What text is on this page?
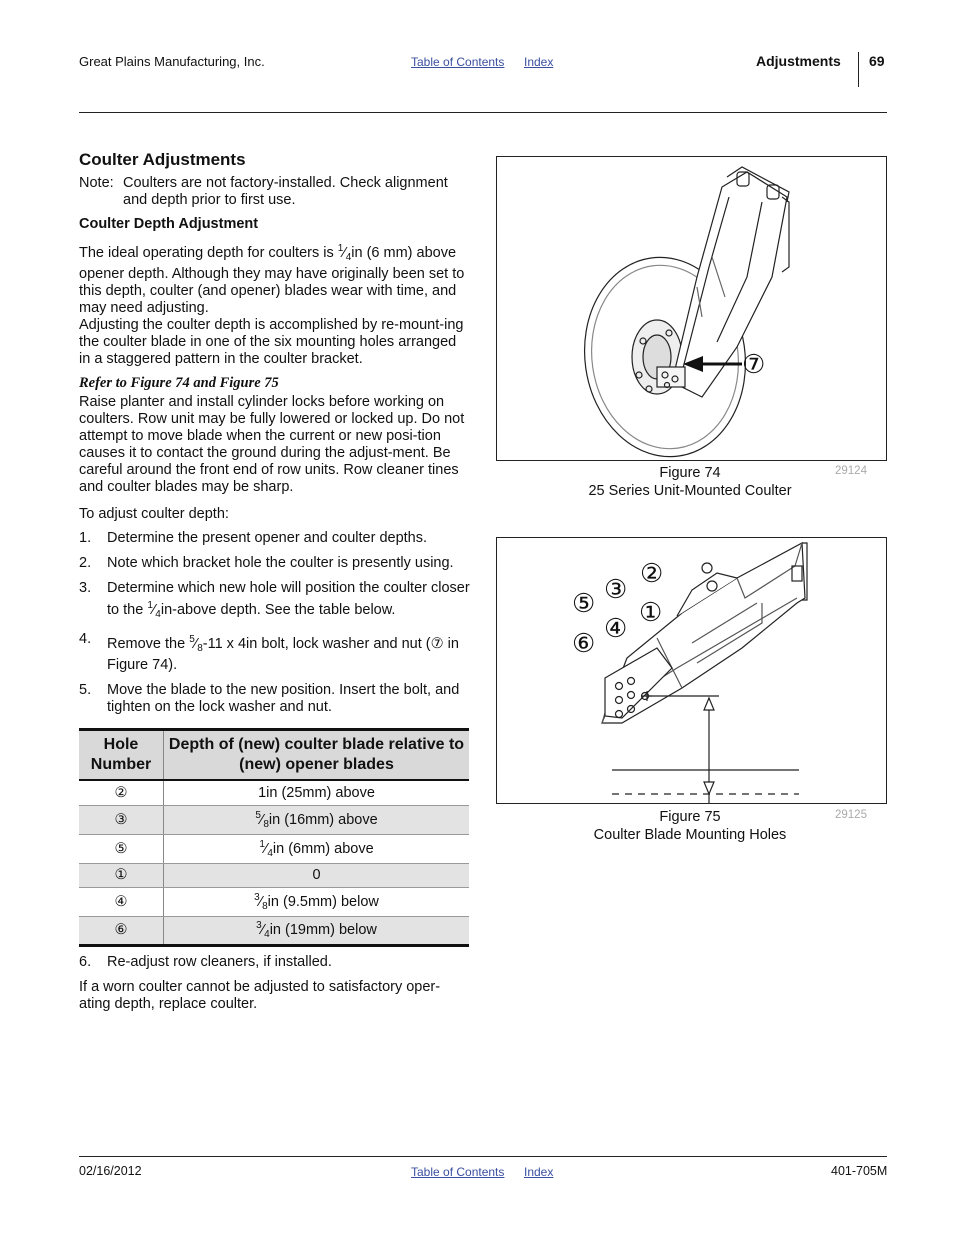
Great Plains Manufacturing, Inc.	Table of Contents Index	Adjustments 69
Coulter Adjustments
Note: Coulters are not factory-installed. Check alignment and depth prior to first use.
Coulter Depth Adjustment

The ideal operating depth for coulters is $^1⁄_4in$ (6 mm) above opener depth. Although they may have originally been set to this depth, coulter (and opener) blades wear with time, and may need adjusting.

Adjusting the coulter depth is accomplished by re-mount-ing the coulter blade in one of the six mounting holes arranged in a staggered pattern in the coulter bracket.

Refer to Figure 74 and Figure 75

Raise planter and install cylinder locks before working on coulters. Row unit may be fully lowered or locked up. Do not attempt to move blade when the current or new posi-tion causes it to contact the ground during the adjust-ment. Be careful around the front end of row units. Row cleaner tines and coulter blades may be sharp.

To adjust coulter depth:
1. Determine the present opener and coulter depths.
2. Note which bracket hole the coulter is presently using.
3. Determine which new hole will position the coulter closer to the $^1⁄_4in$-above depth. See the table below.
4. Remove the $^5⁄_8-11$ x 4in bolt, lock washer and nut (⑦ in Figure 74).
5. Move the blade to the new position. Insert the bolt, and tighten on the lock washer and nut.
Hole Number	Depth of (new) coulter blade relative to (new) opener blades
②	1in (25mm) above
③	$^5⁄_8in$ (16mm) above
⑤	$^1⁄_4in$ (6mm) above
①	0
④	$^3⁄_8in$ (9.5mm) below
⑥	$^3⁄_4in$ (19mm) below
6. Re-adjust row cleaners, if installed.

If a worn coulter cannot be adjusted to satisfactory oper-ating depth, replace coulter.

⑦
Figure 74
25 Series Unit-Mounted Coulter
29124
②
③
①
⑤
④
⑥
Figure 75
Coulter Blade Mounting Holes
29125
02/16/2012	Table of Contents Index	401-705M
